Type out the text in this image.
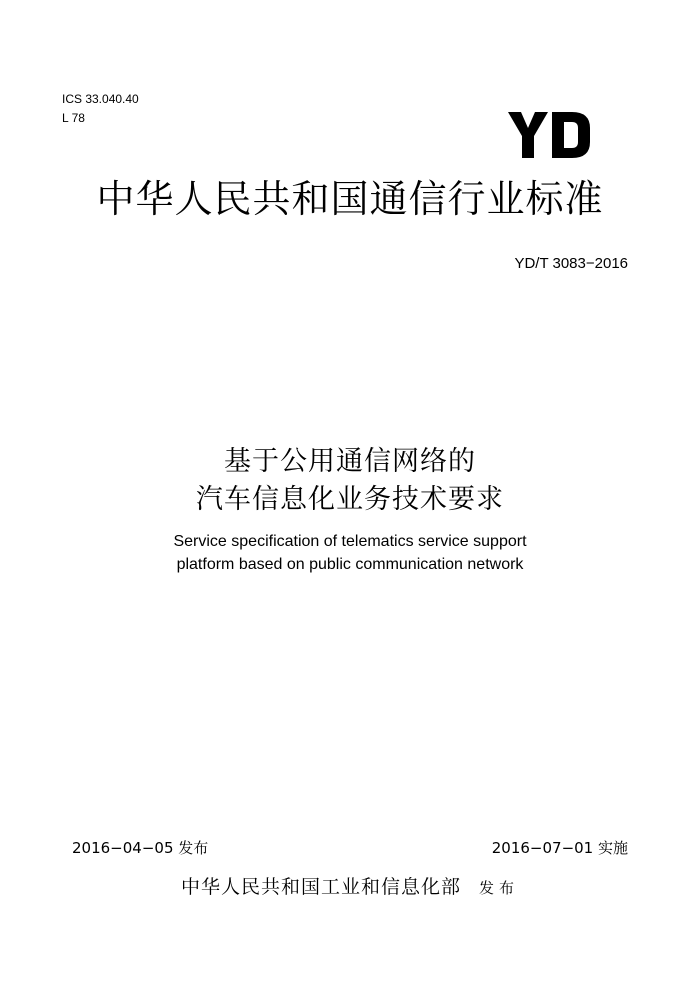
ICS 33.040.40
L 78
中华人民共和国通信行业标准
YD/T 3083−2016
基于公用通信网络的
汽车信息化业务技术要求
Service specification of telematics service support
platform based on public communication network
2016−04−05 发布	2016−07−01 实施
中华人民共和国工业和信息化部 发布
